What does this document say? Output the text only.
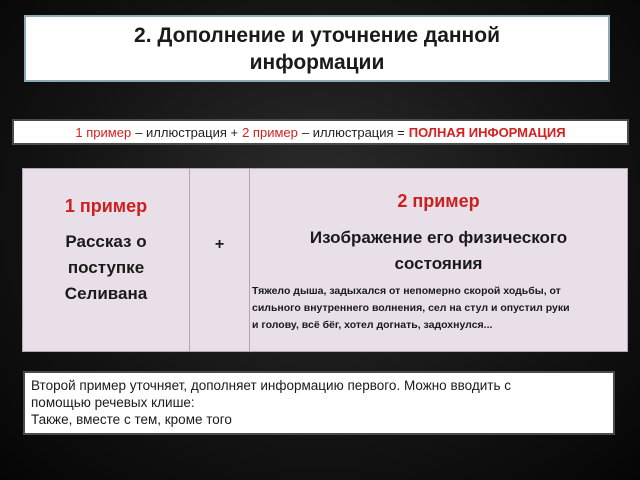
2. Дополнение и уточнение данной
информации
1 пример – иллюстрация + 2 пример – иллюстрация = ПОЛНАЯ ИНФОРМАЦИЯ
1 пример
Рассказ о
поступке
Селивана
+
2 пример
Изображение его физического
состояния
Тяжело дыша, задыхался от непомерно скорой ходьбы, от
сильного внутреннего волнения, сел на стул и опустил руки
и голову, всё бёг, хотел догнать, задохнулся...
Второй пример уточняет, дополняет информацию первого. Можно вводить с
помощью речевых клише:
Также, вместе с тем, кроме того
